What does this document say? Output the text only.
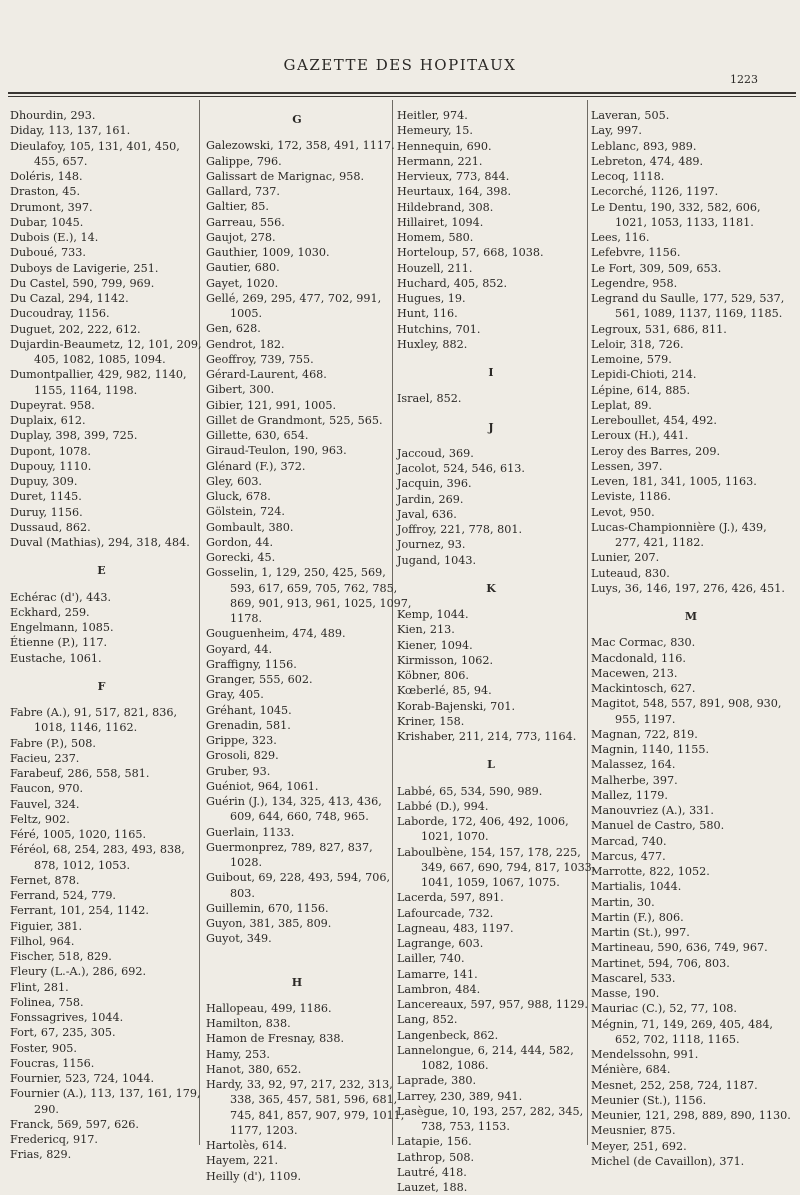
GAZETTE DES HOPITAUX
1223
Dhourdin, 293.
Diday, 113, 137, 161.
Dieulafoy, 105, 131, 401, 450,
455, 657.
Doléris, 148.
Draston, 45.
Drumont, 397.
Dubar, 1045.
Dubois (E.), 14.
Duboué, 733.
Duboys de Lavigerie, 251.
Du Castel, 590, 799, 969.
Du Cazal, 294, 1142.
Ducoudray, 1156.
Duguet, 202, 222, 612.
Dujardin-Beaumetz, 12, 101, 209,
405, 1082, 1085, 1094.
Dumontpallier, 429, 982, 1140,
1155, 1164, 1198.
Dupeyrat. 958.
Duplaix, 612.
Duplay, 398, 399, 725.
Dupont, 1078.
Dupouy, 1110.
Dupuy, 309.
Duret, 1145.
Duruy, 1156.
Dussaud, 862.
Duval (Mathias), 294, 318, 484.
E
Echérac (d'), 443.
Eckhard, 259.
Engelmann, 1085.
Étienne (P.), 117.
Eustache, 1061.
F
Fabre (A.), 91, 517, 821, 836,
1018, 1146, 1162.
Fabre (P.), 508.
Facieu, 237.
Farabeuf, 286, 558, 581.
Faucon, 970.
Fauvel, 324.
Feltz, 902.
Féré, 1005, 1020, 1165.
Féréol, 68, 254, 283, 493, 838,
878, 1012, 1053.
Fernet, 878.
Ferrand, 524, 779.
Ferrant, 101, 254, 1142.
Figuier, 381.
Filhol, 964.
Fischer, 518, 829.
Fleury (L.-A.), 286, 692.
Flint, 281.
Folinea, 758.
Fonssagrives, 1044.
Fort, 67, 235, 305.
Foster, 905.
Foucras, 1156.
Fournier, 523, 724, 1044.
Fournier (A.), 113, 137, 161, 179,
290.
Franck, 569, 597, 626.
Fredericq, 917.
Frias, 829.
G
Galezowski, 172, 358, 491, 1117.
Galippe, 796.
Galissart de Marignac, 958.
Gallard, 737.
Galtier, 85.
Garreau, 556.
Gaujot, 278.
Gauthier, 1009, 1030.
Gautier, 680.
Gayet, 1020.
Gellé, 269, 295, 477, 702, 991,
1005.
Gen, 628.
Gendrot, 182.
Geoffroy, 739, 755.
Gérard-Laurent, 468.
Gibert, 300.
Gibier, 121, 991, 1005.
Gillet de Grandmont, 525, 565.
Gillette, 630, 654.
Giraud-Teulon, 190, 963.
Glénard (F.), 372.
Gley, 603.
Gluck, 678.
Gölstein, 724.
Gombault, 380.
Gordon, 44.
Gorecki, 45.
Gosselin, 1, 129, 250, 425, 569,
593, 617, 659, 705, 762, 785,
869, 901, 913, 961, 1025, 1097,
1178.
Gouguenheim, 474, 489.
Goyard, 44.
Graffigny, 1156.
Granger, 555, 602.
Gray, 405.
Gréhant, 1045.
Grenadin, 581.
Grippe, 323.
Grosoli, 829.
Gruber, 93.
Guéniot, 964, 1061.
Guérin (J.), 134, 325, 413, 436,
609, 644, 660, 748, 965.
Guerlain, 1133.
Guermonprez, 789, 827, 837,
1028.
Guibout, 69, 228, 493, 594, 706,
803.
Guillemin, 670, 1156.
Guyon, 381, 385, 809.
Guyot, 349.
H
Hallopeau, 499, 1186.
Hamilton, 838.
Hamon de Fresnay, 838.
Hamy, 253.
Hanot, 380, 652.
Hardy, 33, 92, 97, 217, 232, 313,
338, 365, 457, 581, 596, 681,
745, 841, 857, 907, 979, 1011,
1177, 1203.
Hartolès, 614.
Hayem, 221.
Heilly (d'), 1109.
Heitler, 974.
Hemeury, 15.
Hennequin, 690.
Hermann, 221.
Hervieux, 773, 844.
Heurtaux, 164, 398.
Hildebrand, 308.
Hillairet, 1094.
Homem, 580.
Horteloup, 57, 668, 1038.
Houzell, 211.
Huchard, 405, 852.
Hugues, 19.
Hunt, 116.
Hutchins, 701.
Huxley, 882.
I
Israel, 852.
J
Jaccoud, 369.
Jacolot, 524, 546, 613.
Jacquin, 396.
Jardin, 269.
Javal, 636.
Joffroy, 221, 778, 801.
Journez, 93.
Jugand, 1043.
K
Kemp, 1044.
Kien, 213.
Kiener, 1094.
Kirmisson, 1062.
Köbner, 806.
Kœberlé, 85, 94.
Korab-Bajenski, 701.
Kriner, 158.
Krishaber, 211, 214, 773, 1164.
L
Labbé, 65, 534, 590, 989.
Labbé (D.), 994.
Laborde, 172, 406, 492, 1006,
1021, 1070.
Laboulbène, 154, 157, 178, 225,
349, 667, 690, 794, 817, 1033,
1041, 1059, 1067, 1075.
Lacerda, 597, 891.
Lafourcade, 732.
Lagneau, 483, 1197.
Lagrange, 603.
Lailler, 740.
Lamarre, 141.
Lambron, 484.
Lancereaux, 597, 957, 988, 1129.
Lang, 852.
Langenbeck, 862.
Lannelongue, 6, 214, 444, 582,
1082, 1086.
Laprade, 380.
Larrey, 230, 389, 941.
Lasègue, 10, 193, 257, 282, 345,
738, 753, 1153.
Latapie, 156.
Lathrop, 508.
Lautré, 418.
Lauzet, 188.
Laveran, 505.
Lay, 997.
Leblanc, 893, 989.
Lebreton, 474, 489.
Lecoq, 1118.
Lecorché, 1126, 1197.
Le Dentu, 190, 332, 582, 606,
1021, 1053, 1133, 1181.
Lees, 116.
Lefebvre, 1156.
Le Fort, 309, 509, 653.
Legendre, 958.
Legrand du Saulle, 177, 529, 537,
561, 1089, 1137, 1169, 1185.
Legroux, 531, 686, 811.
Leloir, 318, 726.
Lemoine, 579.
Lepidi-Chioti, 214.
Lépine, 614, 885.
Leplat, 89.
Lereboullet, 454, 492.
Leroux (H.), 441.
Leroy des Barres, 209.
Lessen, 397.
Leven, 181, 341, 1005, 1163.
Leviste, 1186.
Levot, 950.
Lucas-Championnière (J.), 439,
277, 421, 1182.
Lunier, 207.
Luteaud, 830.
Luys, 36, 146, 197, 276, 426, 451.
M
Mac Cormac, 830.
Macdonald, 116.
Macewen, 213.
Mackintosch, 627.
Magitot, 548, 557, 891, 908, 930,
955, 1197.
Magnan, 722, 819.
Magnin, 1140, 1155.
Malassez, 164.
Malherbe, 397.
Mallez, 1179.
Manouvriez (A.), 331.
Manuel de Castro, 580.
Marcad, 740.
Marcus, 477.
Marrotte, 822, 1052.
Martialis, 1044.
Martin, 30.
Martin (F.), 806.
Martin (St.), 997.
Martineau, 590, 636, 749, 967.
Martinet, 594, 706, 803.
Mascarel, 533.
Masse, 190.
Mauriac (C.), 52, 77, 108.
Mégnin, 71, 149, 269, 405, 484,
652, 702, 1118, 1165.
Mendelssohn, 991.
Ménière, 684.
Mesnet, 252, 258, 724, 1187.
Meunier (St.), 1156.
Meunier, 121, 298, 889, 890, 1130.
Meusnier, 875.
Meyer, 251, 692.
Michel (de Cavaillon), 371.
